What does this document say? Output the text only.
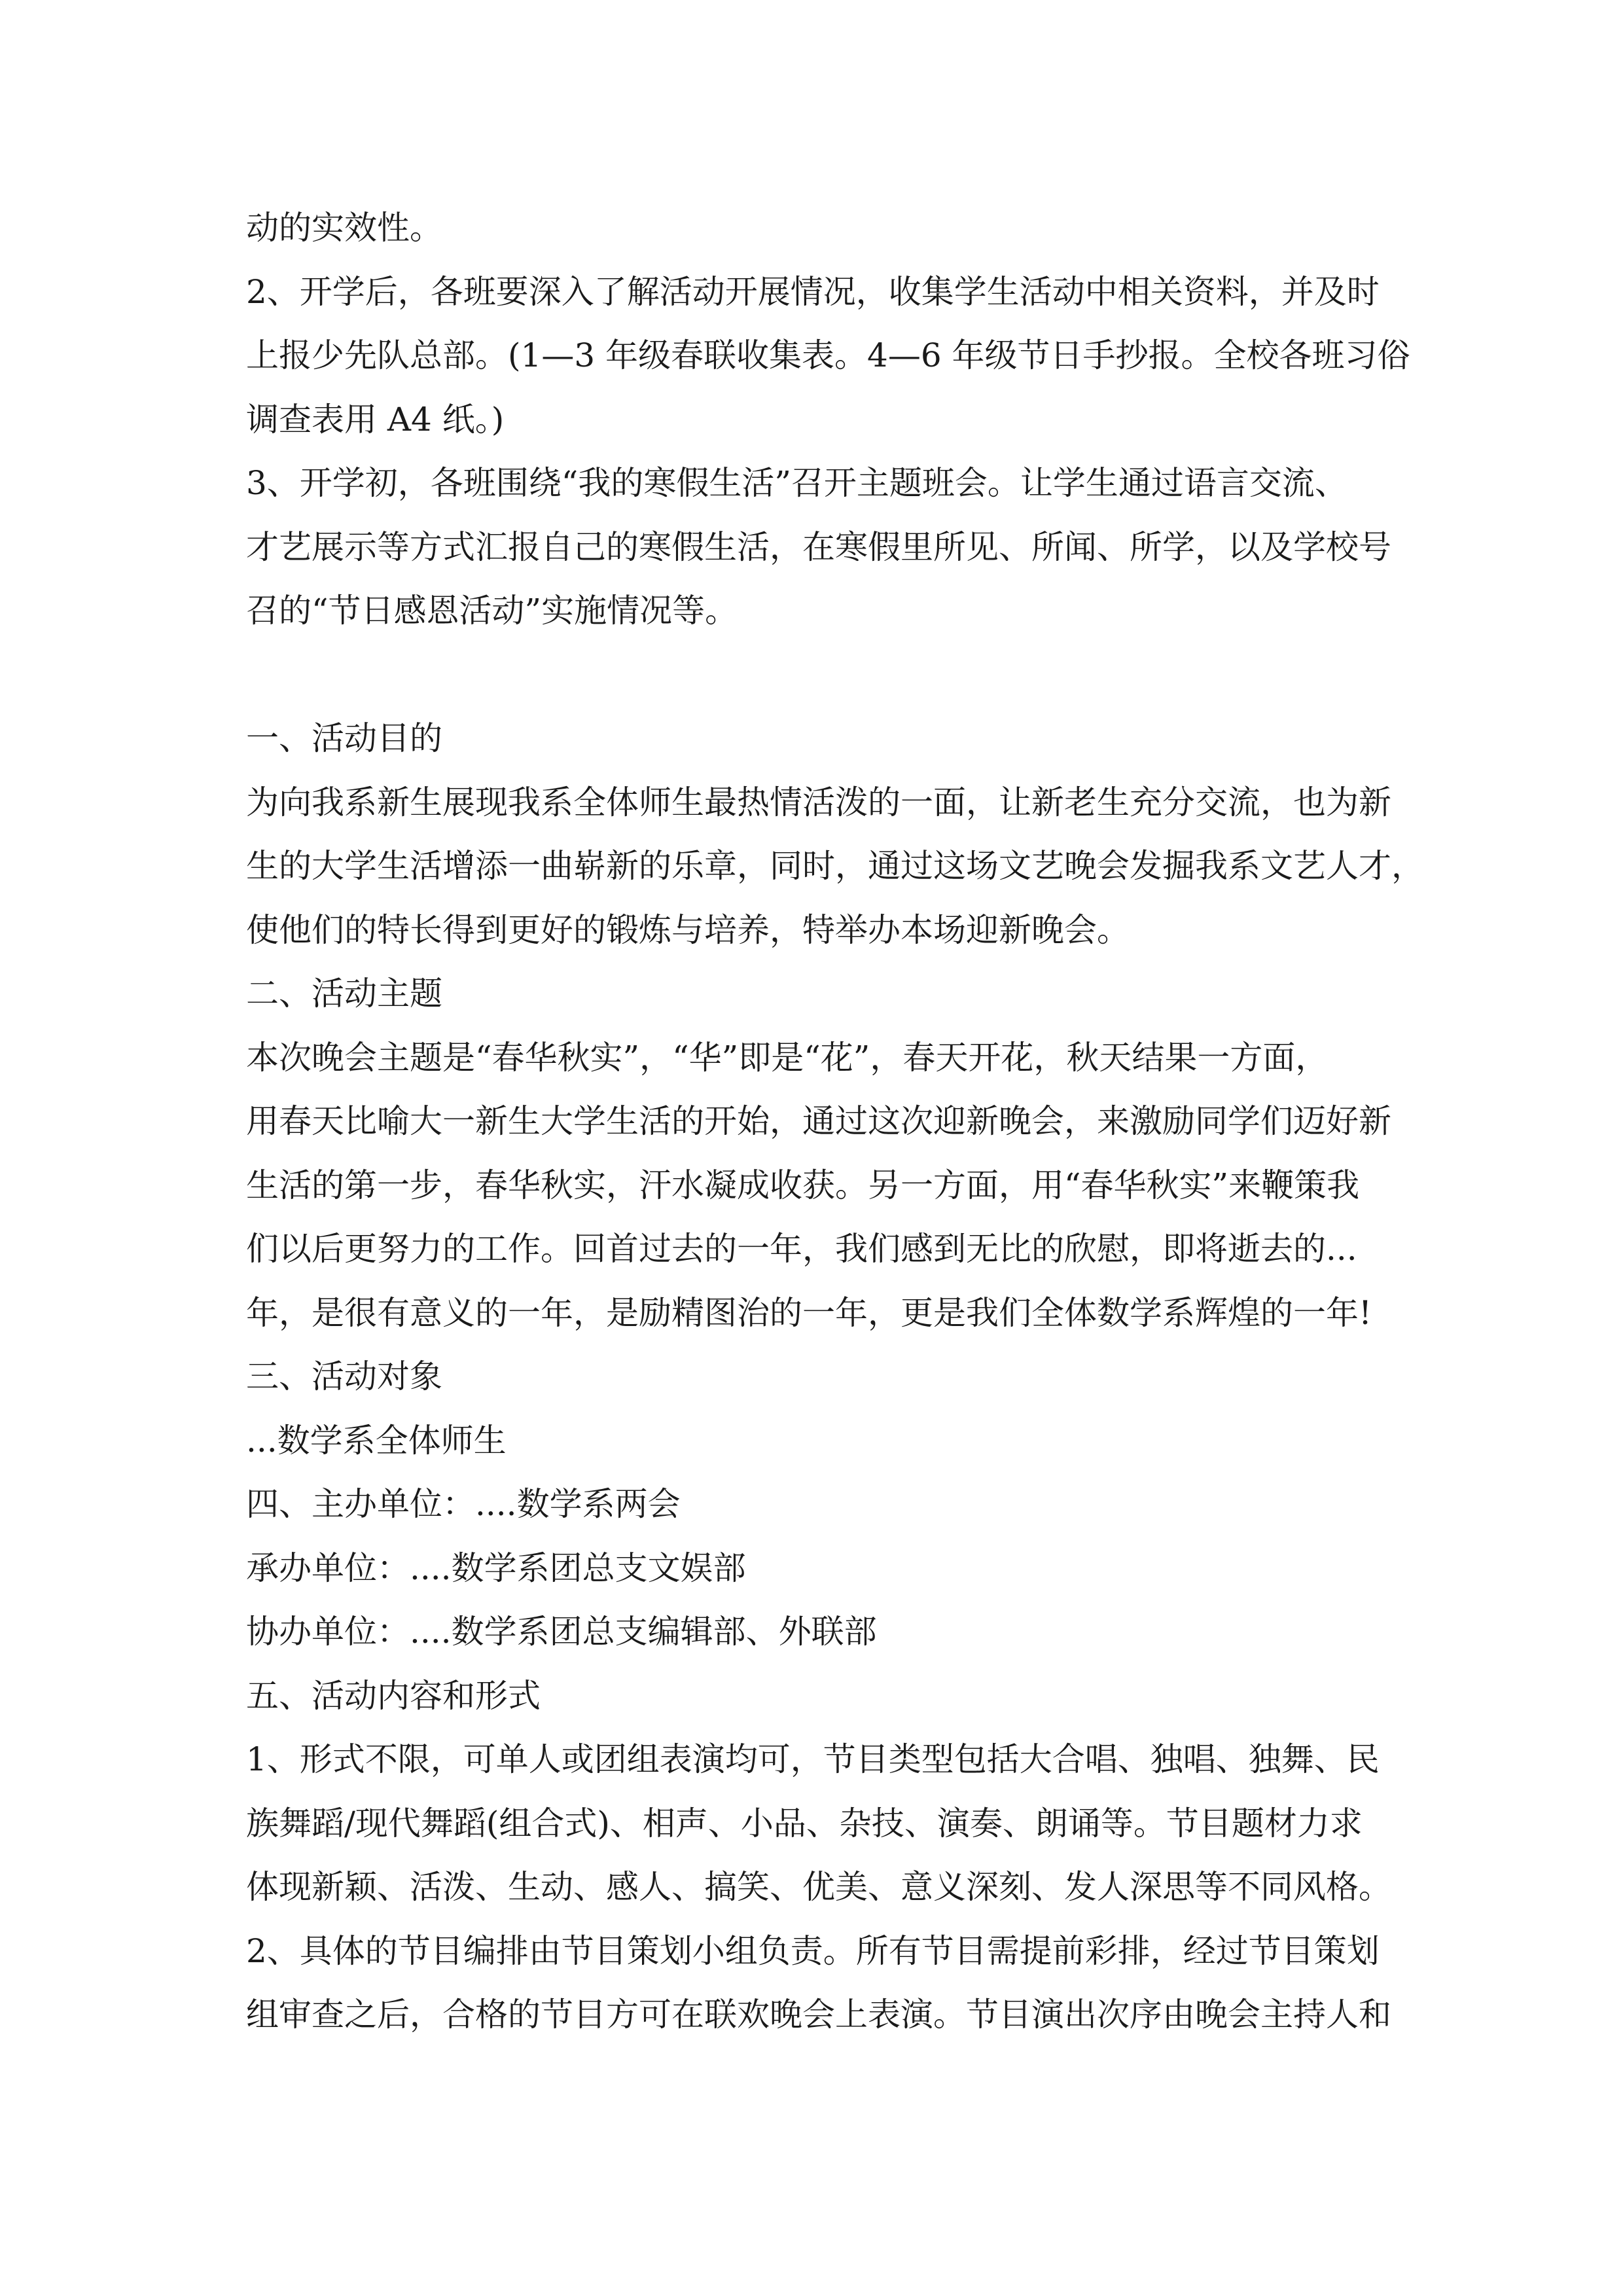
动的实效性。
2、开学后，各班要深入了解活动开展情况，收集学生活动中相关资料，并及时
上报少先队总部。(1—3 年级春联收集表。4—6 年级节日手抄报。全校各班习俗
调查表用 A4 纸。)
3、开学初，各班围绕“我的寒假生活”召开主题班会。让学生通过语言交流、
才艺展示等方式汇报自己的寒假生活，在寒假里所见、所闻、所学，以及学校号
召的“节日感恩活动”实施情况等。
一、活动目的
为向我系新生展现我系全体师生最热情活泼的一面，让新老生充分交流，也为新
生的大学生活增添一曲崭新的乐章，同时，通过这场文艺晚会发掘我系文艺人才，
使他们的特长得到更好的锻炼与培养，特举办本场迎新晚会。
二、活动主题
本次晚会主题是“春华秋实”，“华”即是“花”，春天开花，秋天结果一方面，
用春天比喻大一新生大学生活的开始，通过这次迎新晚会，来激励同学们迈好新
生活的第一步，春华秋实，汗水凝成收获。另一方面，用“春华秋实”来鞭策我
们以后更努力的工作。回首过去的一年，我们感到无比的欣慰，即将逝去的...
年，是很有意义的一年，是励精图治的一年，更是我们全体数学系辉煌的一年!
三、活动对象
...数学系全体师生
四、主办单位：....数学系两会
承办单位：....数学系团总支文娱部
协办单位：....数学系团总支编辑部、外联部
五、活动内容和形式
1、形式不限，可单人或团组表演均可，节目类型包括大合唱、独唱、独舞、民
族舞蹈/现代舞蹈(组合式)、相声、小品、杂技、演奏、朗诵等。节目题材力求
体现新颖、活泼、生动、感人、搞笑、优美、意义深刻、发人深思等不同风格。
2、具体的节目编排由节目策划小组负责。所有节目需提前彩排，经过节目策划
组审查之后，合格的节目方可在联欢晚会上表演。节目演出次序由晚会主持人和
